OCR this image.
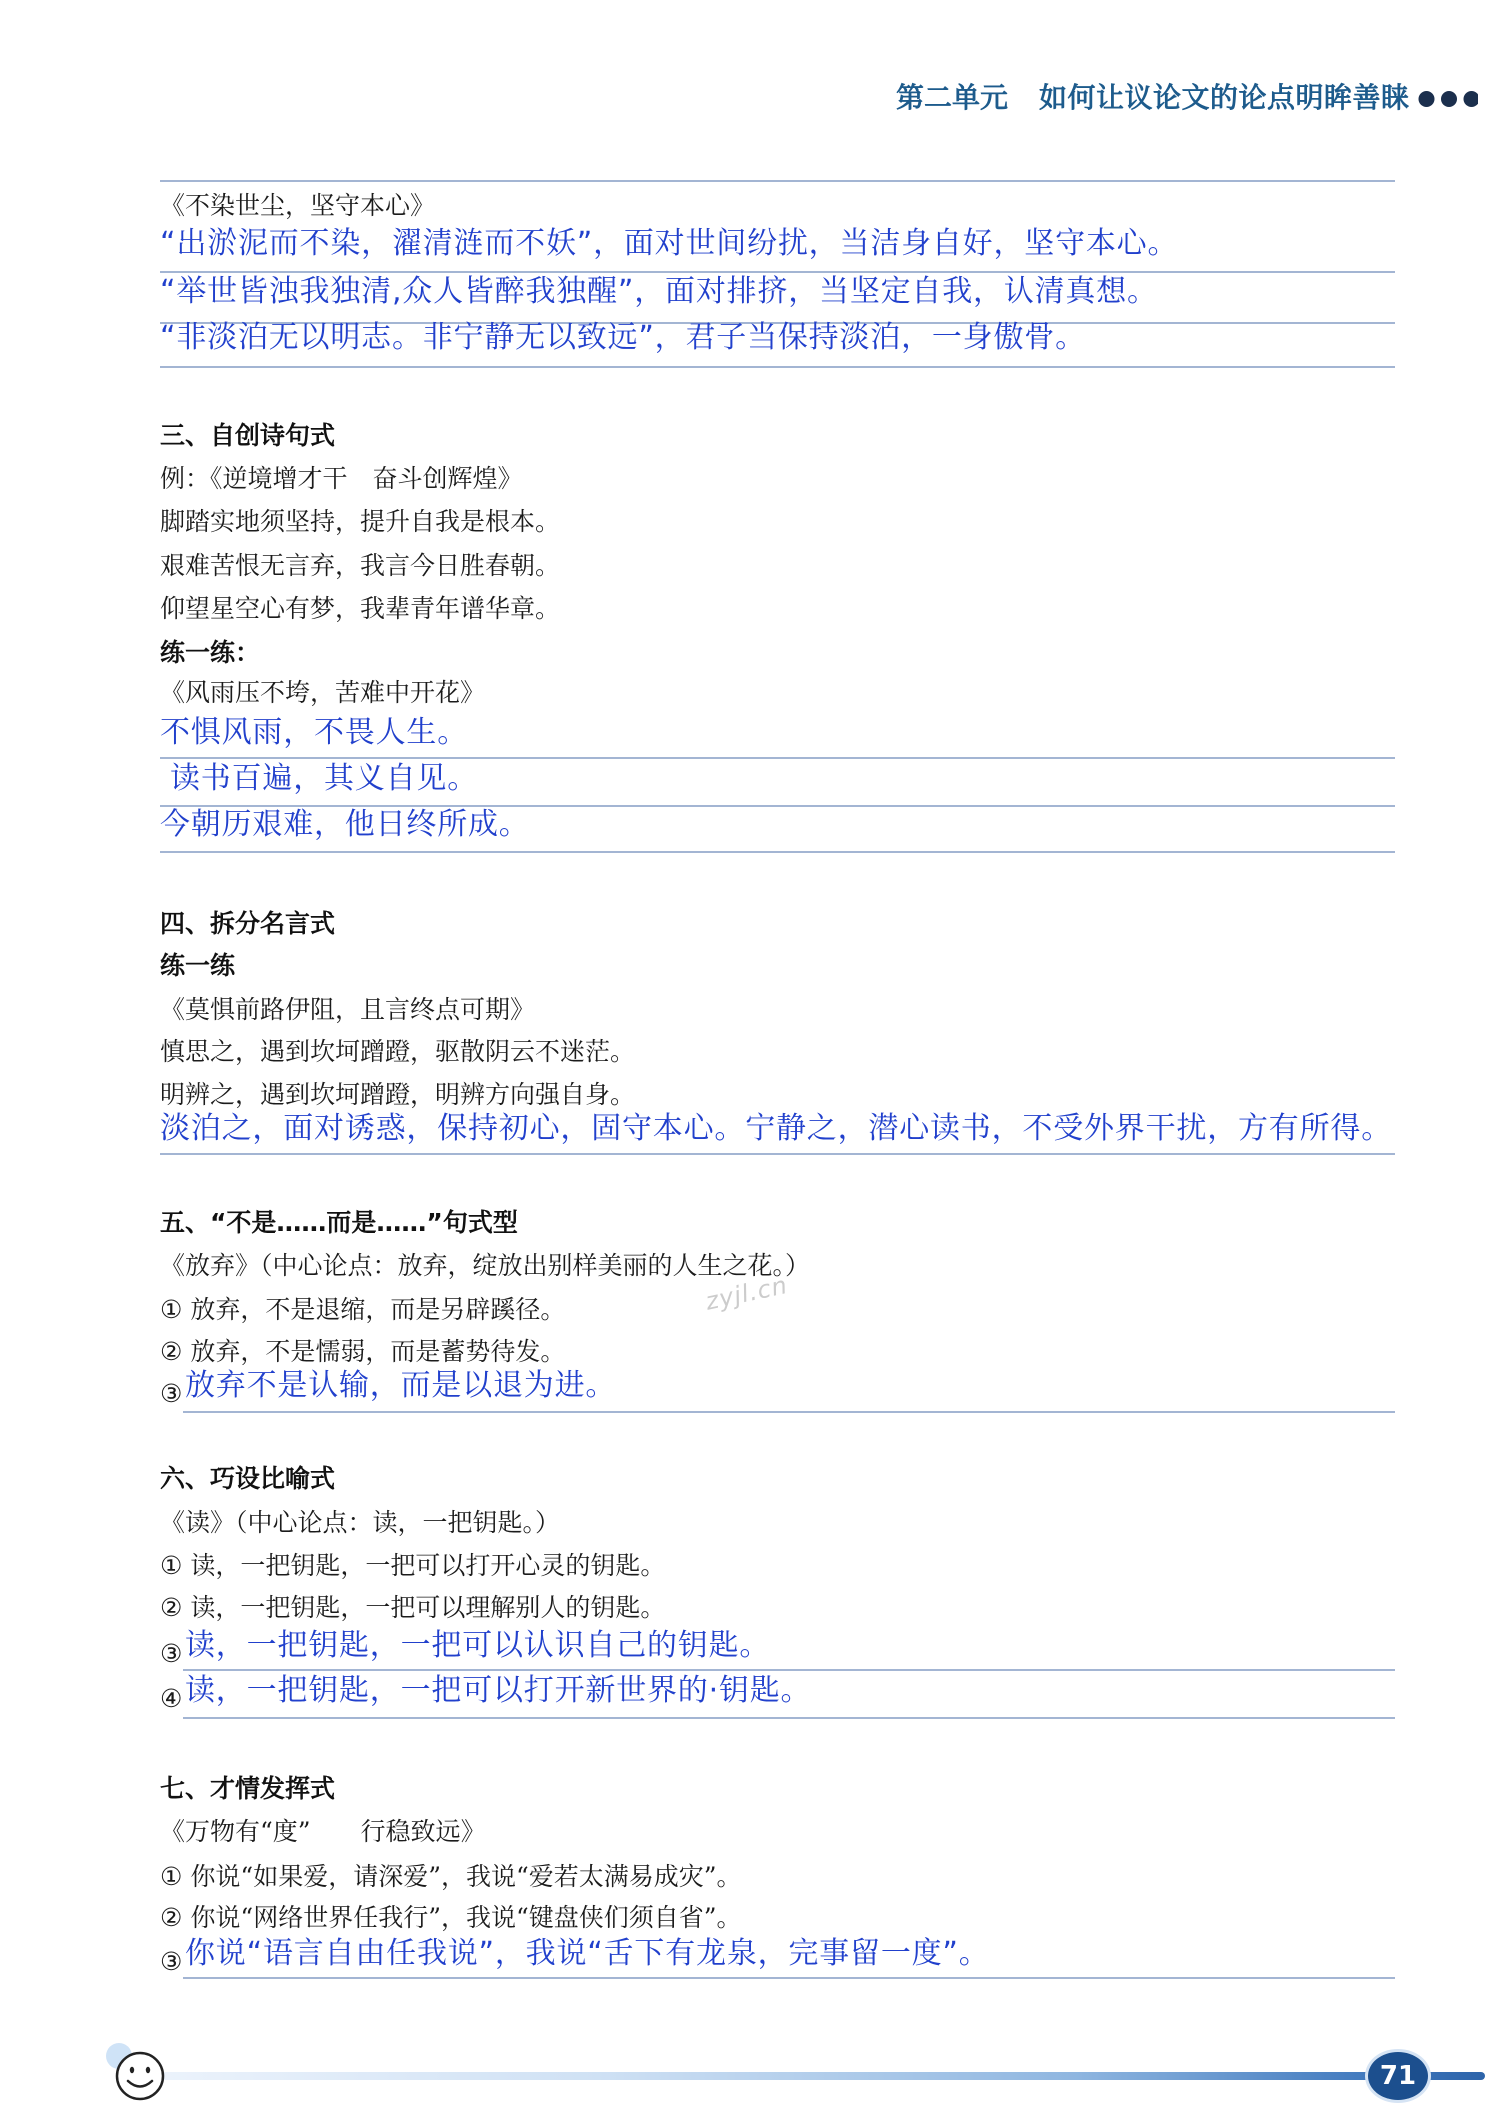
第二单元 如何让议论文的论点明眸善睐
《不染世尘，坚守本心》
“出淤泥而不染，濯清涟而不妖”，面对世间纷扰，当洁身自好，坚守本心。
“举世皆浊我独清,众人皆醉我独醒”，面对排挤，当坚定自我，认清真想。
“非淡泊无以明志。非宁静无以致远”，君子当保持淡泊，一身傲骨。
三、自创诗句式
例：《逆境增才干　奋斗创辉煌》
脚踏实地须坚持，提升自我是根本。
艰难苦恨无言弃，我言今日胜春朝。
仰望星空心有梦，我辈青年谱华章。
练一练：
《风雨压不垮，苦难中开花》
不惧风雨，不畏人生。
读书百遍，其义自见。
今朝历艰难，他日终所成。
四、拆分名言式
练一练
《莫惧前路伊阻，且言终点可期》
慎思之，遇到坎坷蹭蹬，驱散阴云不迷茫。
明辨之，遇到坎坷蹭蹬，明辨方向强自身。
淡泊之，面对诱惑，保持初心，固守本心。宁静之，潜心读书，不受外界干扰，方有所得。
五、“不是……而是……”句式型
《放弃》（中心论点：放弃，绽放出别样美丽的人生之花。）
① 放弃，不是退缩，而是另辟蹊径。
② 放弃，不是懦弱，而是蓄势待发。
③ 放弃不是认输，而是以退为进。
zyjl.cn
六、巧设比喻式
《读》（中心论点：读，一把钥匙。）
① 读，一把钥匙，一把可以打开心灵的钥匙。
② 读，一把钥匙，一把可以理解别人的钥匙。
③ 读，一把钥匙，一把可以认识自己的钥匙。
④ 读，一把钥匙，一把可以打开新世界的·钥匙。
七、才情发挥式
《万物有“度”　　行稳致远》
① 你说“如果爱，请深爱”，我说“爱若太满易成灾”。
② 你说“网络世界任我行”，我说“键盘侠们须自省”。
③ 你说“语言自由任我说”，我说“舌下有龙泉，完事留一度”。
71
